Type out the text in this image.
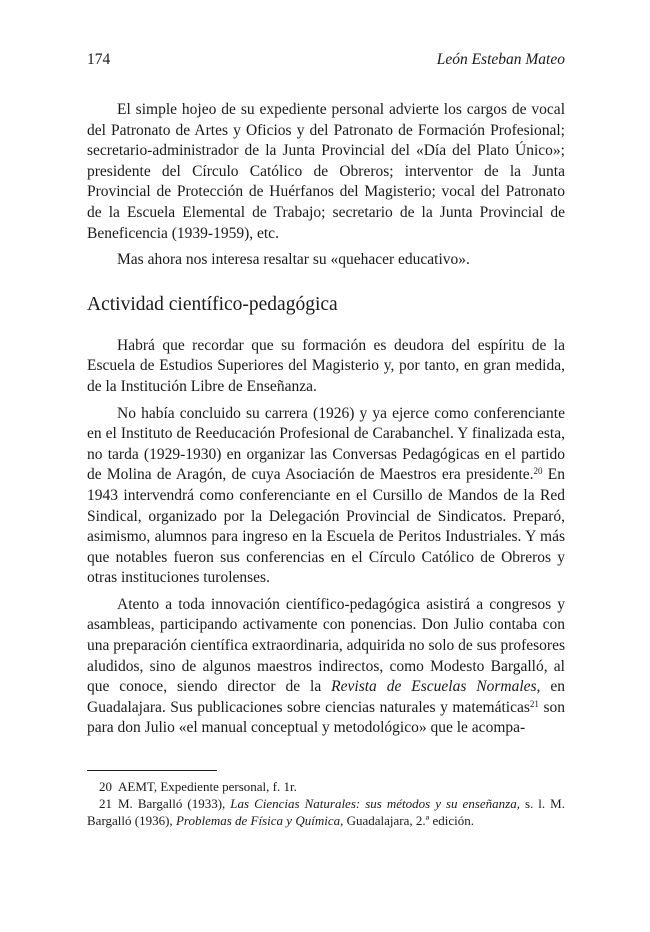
174	León Esteban Mateo

El simple hojeo de su expediente personal advierte los cargos de vocal del Patronato de Artes y Oficios y del Patronato de Formación Profesional; secretario-administrador de la Junta Provincial del «Día del Plato Único»; presidente del Círculo Católico de Obreros; interventor de la Junta Provincial de Protección de Huérfanos del Magisterio; vocal del Patronato de la Escuela Elemental de Trabajo; secretario de la Junta Provincial de Beneficencia (1939-1959), etc.

Mas ahora nos interesa resaltar su «quehacer educativo».

Actividad científico-pedagógica

Habrá que recordar que su formación es deudora del espíritu de la Escuela de Estudios Superiores del Magisterio y, por tanto, en gran medida, de la Institución Libre de Enseñanza.

No había concluido su carrera (1926) y ya ejerce como conferenciante en el Instituto de Reeducación Profesional de Carabanchel. Y finalizada esta, no tarda (1929-1930) en organizar las Conversas Pedagógicas en el partido de Molina de Aragón, de cuya Asociación de Maestros era presidente.$^{20}$ En 1943 intervendrá como conferenciante en el Cursillo de Mandos de la Red Sindical, organizado por la Delegación Provincial de Sindicatos. Preparó, asimismo, alumnos para ingreso en la Escuela de Peritos Industriales. Y más que notables fueron sus conferencias en el Círculo Católico de Obreros y otras instituciones turolenses.

Atento a toda innovación científico-pedagógica asistirá a congresos y asambleas, participando activamente con ponencias. Don Julio contaba con una preparación científica extraordinaria, adquirida no solo de sus profesores aludidos, sino de algunos maestros indirectos, como Modesto Bargalló, al que conoce, siendo director de la Revista de Escuelas Normales, en Guadalajara. Sus publicaciones sobre ciencias naturales y matemáticas$^{21}$ son para don Julio «el manual conceptual y metodológico» que le acompa-

20 AEMT, Expediente personal, f. 1r.

21 M. Bargalló (1933), Las Ciencias Naturales: sus métodos y su enseñanza, s. l. M. Bargalló (1936), Problemas de Física y Química, Guadalajara, 2.ª edición.
